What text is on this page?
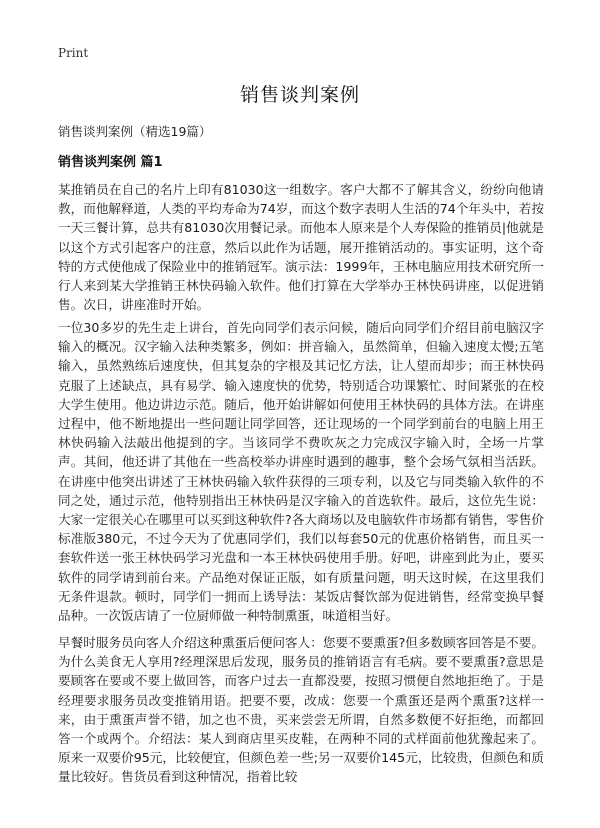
Print
销售谈判案例
销售谈判案例（精选19篇）
销售谈判案例 篇1
某推销员在自己的名片上印有81030这一组数字。客户大都不了解其含义，纷纷向他请教，而他解释道，人类的平均寿命为74岁，而这个数字表明人生活的74个年头中，若按一天三餐计算，总共有81030次用餐记录。而他本人原来是个人寿保险的推销员|他就是以这个方式引起客户的注意，然后以此作为话题，展开推销活动的。事实证明，这个奇特的方式使他成了保险业中的推销冠军。演示法：1999年，王林电脑应用技术研究所一行人来到某大学推销王林快码输入软件。他们打算在大学举办王林快码讲座，以促进销售。次日，讲座准时开始。
一位30多岁的先生走上讲台，首先向同学们表示问候，随后向同学们介绍目前电脑汉字输入的概况。汉字输入法种类繁多，例如：拼音输入，虽然简单，但输入速度太慢;五笔输入，虽然熟练后速度快，但其复杂的字根及其记忆方法，让人望而却步；而王林快码克服了上述缺点，具有易学、输入速度快的优势，特别适合功课繁忙、时间紧张的在校大学生使用。他边讲边示范。随后，他开始讲解如何使用王林快码的具体方法。在讲座过程中，他不断地提出一些问题让同学回答，还让现场的一个同学到前台的电脑上用王林快码输入法敲出他提到的字。当该同学不费吹灰之力完成汉字输入时，全场一片掌声。其间，他还讲了其他在一些高校举办讲座时遇到的趣事，整个会场气氛相当活跃。在讲座中他突出讲述了王林快码输入软件获得的三项专利，以及它与同类输入软件的不同之处，通过示范，他特别指出王林快码是汉字输入的首选软件。最后，这位先生说：大家一定很关心在哪里可以买到这种软件?各大商场以及电脑软件市场都有销售，零售价标准版380元，不过今天为了优惠同学们，我们以每套50元的优惠价格销售，而且买一套软件送一张王林快码学习光盘和一本王林快码使用手册。好吧，讲座到此为止，要买软件的同学请到前台来。产品绝对保证正版，如有质量问题，明天这时候，在这里我们无条件退款。顿时，同学们一拥而上诱导法：某饭店餐饮部为促进销售，经常变换早餐品种。一次饭店请了一位厨师做一种特制熏蛋，味道相当好。
早餐时服务员向客人介绍这种熏蛋后便问客人：您要不要熏蛋?但多数顾客回答是不要。为什么美食无人享用?经理深思后发现，服务员的推销语言有毛病。要不要熏蛋?意思是要顾客在要或不要上做回答，而客户过去一直都没要，按照习惯便自然地拒绝了。于是经理要求服务员改变推销用语。把要不要，改成：您要一个熏蛋还是两个熏蛋?这样一来，由于熏蛋声誉不错，加之也不贵，买来尝尝无所谓，自然多数便不好拒绝，而都回答一个或两个。介绍法：某人到商店里买皮鞋，在两种不同的式样面前他犹豫起来了。原来一双要价95元，比较便宜，但颜色差一些;另一双要价145元，比较贵，但颜色和质量比较好。售货员看到这种情况，指着比较
